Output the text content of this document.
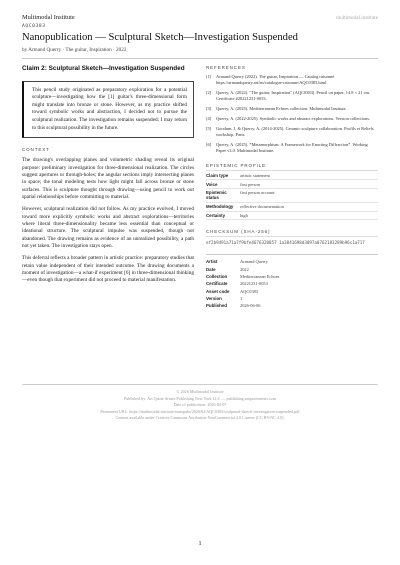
Multimodal Institute	multimodal.institute
AQC0383
Nanopublication — Sculptural Sketch—Investigation Suspended
by Armand Querry · The guitar, Inspiration · 2022
Claim 2: Sculptural Sketch—Investigation Suspended
This pencil study originated as preparatory exploration for a potential sculpture—investigating how the [1] guitar's three-dimensional form might translate into bronze or stone. However, as my practice shifted toward symbolic works and abstraction, I decided not to pursue the sculptural realization. The investigation remains suspended; I may return to this sculptural possibility in the future.
CONTEXT
The drawing's overlapping planes and volumetric shading reveal its original purpose: preliminary investigation for three-dimensional realization. The circles suggest apertures or through-holes; the angular sections imply intersecting planes in space; the tonal modeling tests how light might fall across bronze or stone surfaces. This is sculpture thought through drawing—using pencil to work out spatial relationships before committing to material.
However, sculptural realization did not follow. As my practice evolved, I moved toward more explicitly symbolic works and abstract explorations—territories where literal three-dimensionality became less essential than conceptual or ideational structure. The sculptural impulse was suspended, though not abandoned. The drawing remains as evidence of an unrealized possibility, a path not yet taken. The investigation stays open.
This deferral reflects a broader pattern in artistic practice: preparatory studies that retain value independent of their intended outcome. The drawing documents a moment of investigation—a what-if experiment [6] in three-dimensional thinking—even though that experiment did not proceed to material manifestation.
REFERENCES
[1]	Armand Querry (2022). The guitar, Inspiration — Catalog raisonné https://armandquerry.art/en/catalogue-raisonne/AQC0383.html
[2]	Querry, A. (2022). "The guitar, Inspiration" (AQC0383). Pencil on paper, 14.8 × 21 cm. Certificate #20221231-0053.
[3]	Querry, A. (2025). Mediterranean Echoes collection. Multimodal Institute.
[4]	Querry, A. (2022-2025). Symbolic works and abstract explorations. Version collections.
[5]	Goodnm, J. & Querry, A. (2014-2025). Ceramic sculpture collaboration. Profils et Reliefs workshop, Paris.
[6]	Querry, A. (2025). *Metamorphism: A Framework for Enacting Diffraction*. Working Paper v3.0. Multimodal Institute.
EPISTEMIC PROFILE
Claim type	artistic statement
Voice	first person
Epistemic status	first person account
Methodology	reflective documentation
Certainty	high
CHECKSUM (SHA-256)
ef2b9491a71a7f9bfe4676320857 1a3841698d3097a0762183289b96c1a717
Artist	Armand Querry
Date	2022
Collection	Mediterranean Echoes
Certificate	20221231-0053
Asset code	AQC0383
Version	1
Published	2026-06-06
© 2026 Multimodal Institute
Published by: Art Quote Armes Publishing New York LLC — publishing.artquotearmes.com
Date of publication: 2026-04-07
Permanent URL: https://multimodal.institute/nanopubs/2026/02/AQC0383/sculptural-sketch-investigation-suspended.pdf
Content available under Creative Commons Attribution-NonCommercial 4.0 License (CC BY-NC 4.0).
1
